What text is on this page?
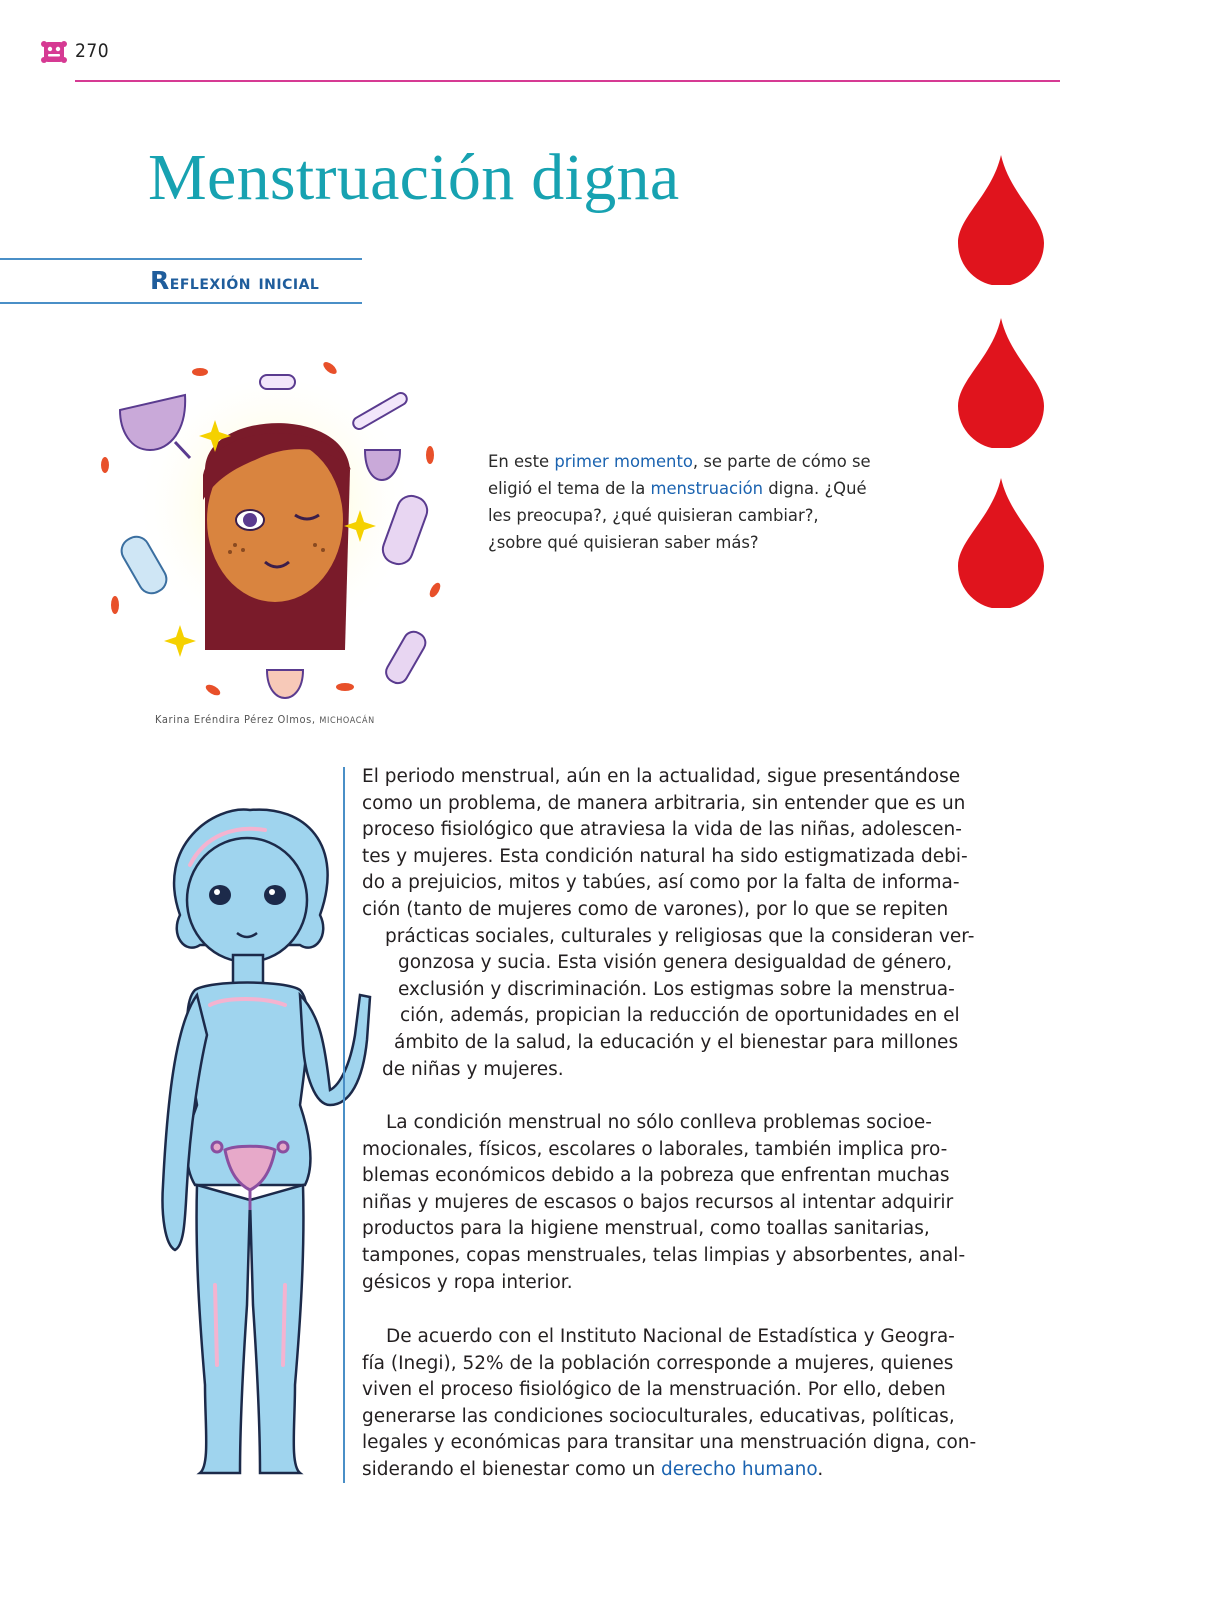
270
Menstruación digna
Reflexión inicial
Karina Eréndira Pérez Olmos, MICHOACÁN

En este primer momento, se parte de cómo se eligió el tema de la menstruación digna. ¿Qué les preocupa?, ¿qué quisieran cambiar?, ¿sobre qué quisieran saber más?

El periodo menstrual, aún en la actualidad, sigue presentándose
como un problema, de manera arbitraria, sin entender que es un
proceso fisiológico que atraviesa la vida de las niñas, adolescen-
tes y mujeres. Esta condición natural ha sido estigmatizada debi-
do a prejuicios, mitos y tabúes, así como por la falta de informa-
ción (tanto de mujeres como de varones), por lo que se repiten
prácticas sociales, culturales y religiosas que la consideran ver-
gonzosa y sucia. Esta visión genera desigualdad de género,
exclusión y discriminación. Los estigmas sobre la menstrua-
ción, además, propician la reducción de oportunidades en el
ámbito de la salud, la educación y el bienestar para millones
de niñas y mujeres.
La condición menstrual no sólo conlleva problemas socioe-
mocionales, físicos, escolares o laborales, también implica pro-
blemas económicos debido a la pobreza que enfrentan muchas
niñas y mujeres de escasos o bajos recursos al intentar adquirir
productos para la higiene menstrual, como toallas sanitarias,
tampones, copas menstruales, telas limpias y absorbentes, anal-
gésicos y ropa interior.
De acuerdo con el Instituto Nacional de Estadística y Geogra-
fía (Inegi), 52% de la población corresponde a mujeres, quienes
viven el proceso fisiológico de la menstruación. Por ello, deben
generarse las condiciones socioculturales, educativas, políticas,
legales y económicas para transitar una menstruación digna, con-
siderando el bienestar como un derecho humano.
